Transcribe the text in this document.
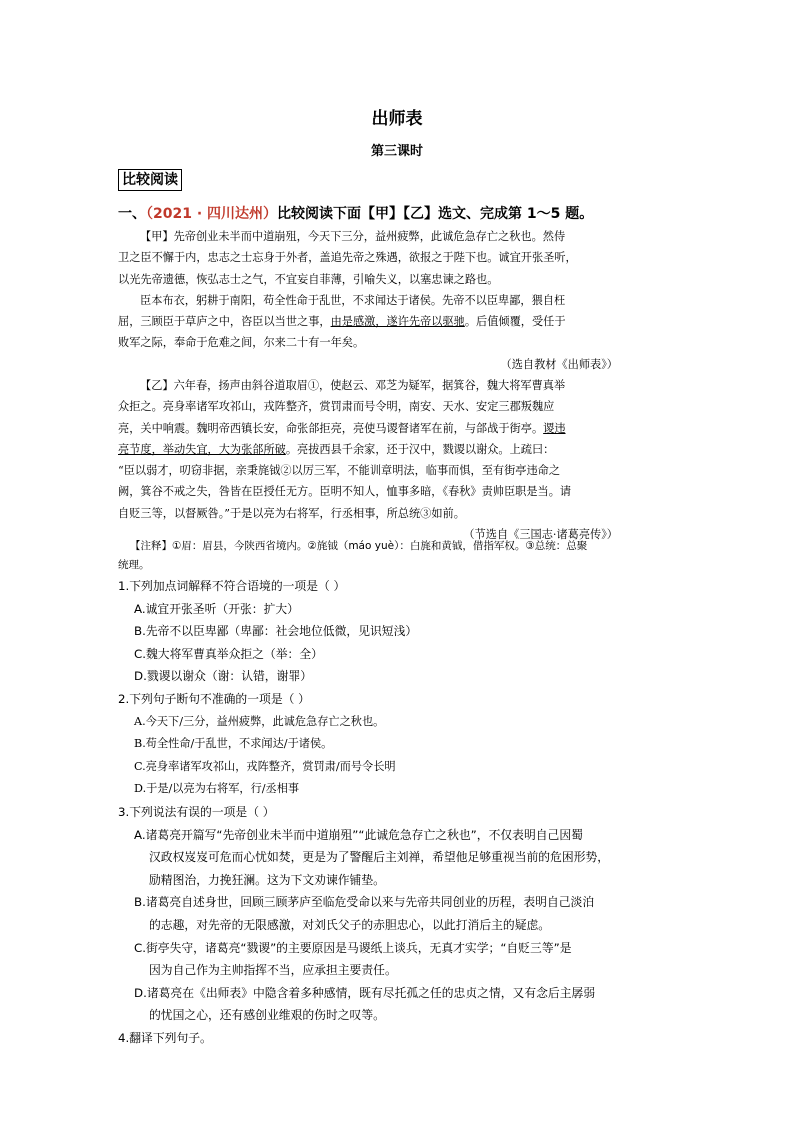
出师表
第三课时
比较阅读
一、（2021 · 四川达州）比较阅读下面【甲】【乙】选文、完成第 1～5 题。
【甲】先帝创业未半而中道崩殂，今天下三分，益州疲弊，此诚危急存亡之秋也。然侍
卫之臣不懈于内，忠志之士忘身于外者，盖追先帝之殊遇，欲报之于陛下也。诚宜开张圣听，
以光先帝遗德，恢弘志士之气，不宜妄自菲薄，引喻失义，以塞忠谏之路也。
臣本布衣，躬耕于南阳，苟全性命于乱世，不求闻达于诸侯。先帝不以臣卑鄙，猥自枉
屈，三顾臣于草庐之中，咨臣以当世之事，由是感激，遂许先帝以驱驰。后值倾覆，受任于
败军之际，奉命于危难之间，尔来二十有一年矣。
（选自教材《出师表》）
【乙】六年春，扬声由斜谷道取眉①，使赵云、邓芝为疑军，据箕谷，魏大将军曹真举
众拒之。亮身率诸军攻祁山，戎阵整齐，赏罚肃而号令明，南安、天水、安定三郡叛魏应
亮，关中响震。魏明帝西镇长安，命张郃拒亮，亮使马谡督诸军在前，与郃战于街亭。谡违
亮节度，举动失宜，大为张郃所破。亮拔西县千余家，还于汉中，戮谡以谢众。上疏曰：
“臣以弱才，叨窃非据，亲秉旄钺②以厉三军，不能训章明法，临事而惧，至有街亭违命之
阙，箕谷不戒之失，咎皆在臣授任无方。臣明不知人，恤事多暗，《春秋》责帅臣职是当。请
自贬三等，以督厥咎。”于是以亮为右将军，行丞相事，所总统③如前。
（节选自《三国志·诸葛亮传》）
【注释】①眉：眉县，今陕西省境内。②旄钺（máo yuè）：白旄和黄钺，借指军权。③总统：总聚
统理。
1.下列加点词解释不符合语境的一项是（ ）
A.诚宜开张圣听（开张：扩大）
B.先帝不以臣卑鄙（卑鄙：社会地位低微，见识短浅）
C.魏大将军曹真举众拒之（举：全）
D.戮谡以谢众（谢：认错，谢罪）
2.下列句子断句不准确的一项是（ ）
A.今天下/三分，益州疲弊，此诚危急存亡之秋也。
B.苟全性命/于乱世，不求闻达/于诸侯。
C.亮身率诸军攻祁山，戎阵整齐，赏罚肃/而号令长明
D.于是/以亮为右将军，行/丞相事
3.下列说法有误的一项是（ ）
A.诸葛亮开篇写“先帝创业未半而中道崩殂”“此诚危急存亡之秋也”，不仅表明自己因蜀
汉政权岌岌可危而心忧如焚，更是为了警醒后主刘禅，希望他足够重视当前的危困形势，
励精图治，力挽狂澜。这为下文劝谏作铺垫。
B.诸葛亮自述身世，回顾三顾茅庐至临危受命以来与先帝共同创业的历程，表明自己淡泊
的志趣，对先帝的无限感激，对刘氏父子的赤胆忠心，以此打消后主的疑虑。
C.街亭失守，诸葛亮“戮谡”的主要原因是马谡纸上谈兵，无真才实学；“自贬三等”是
因为自己作为主帅指挥不当，应承担主要责任。
D.诸葛亮在《出师表》中隐含着多种感情，既有尽托孤之任的忠贞之情，又有念后主孱弱
的忧国之心，还有感创业维艰的伤时之叹等。
4.翻译下列句子。
